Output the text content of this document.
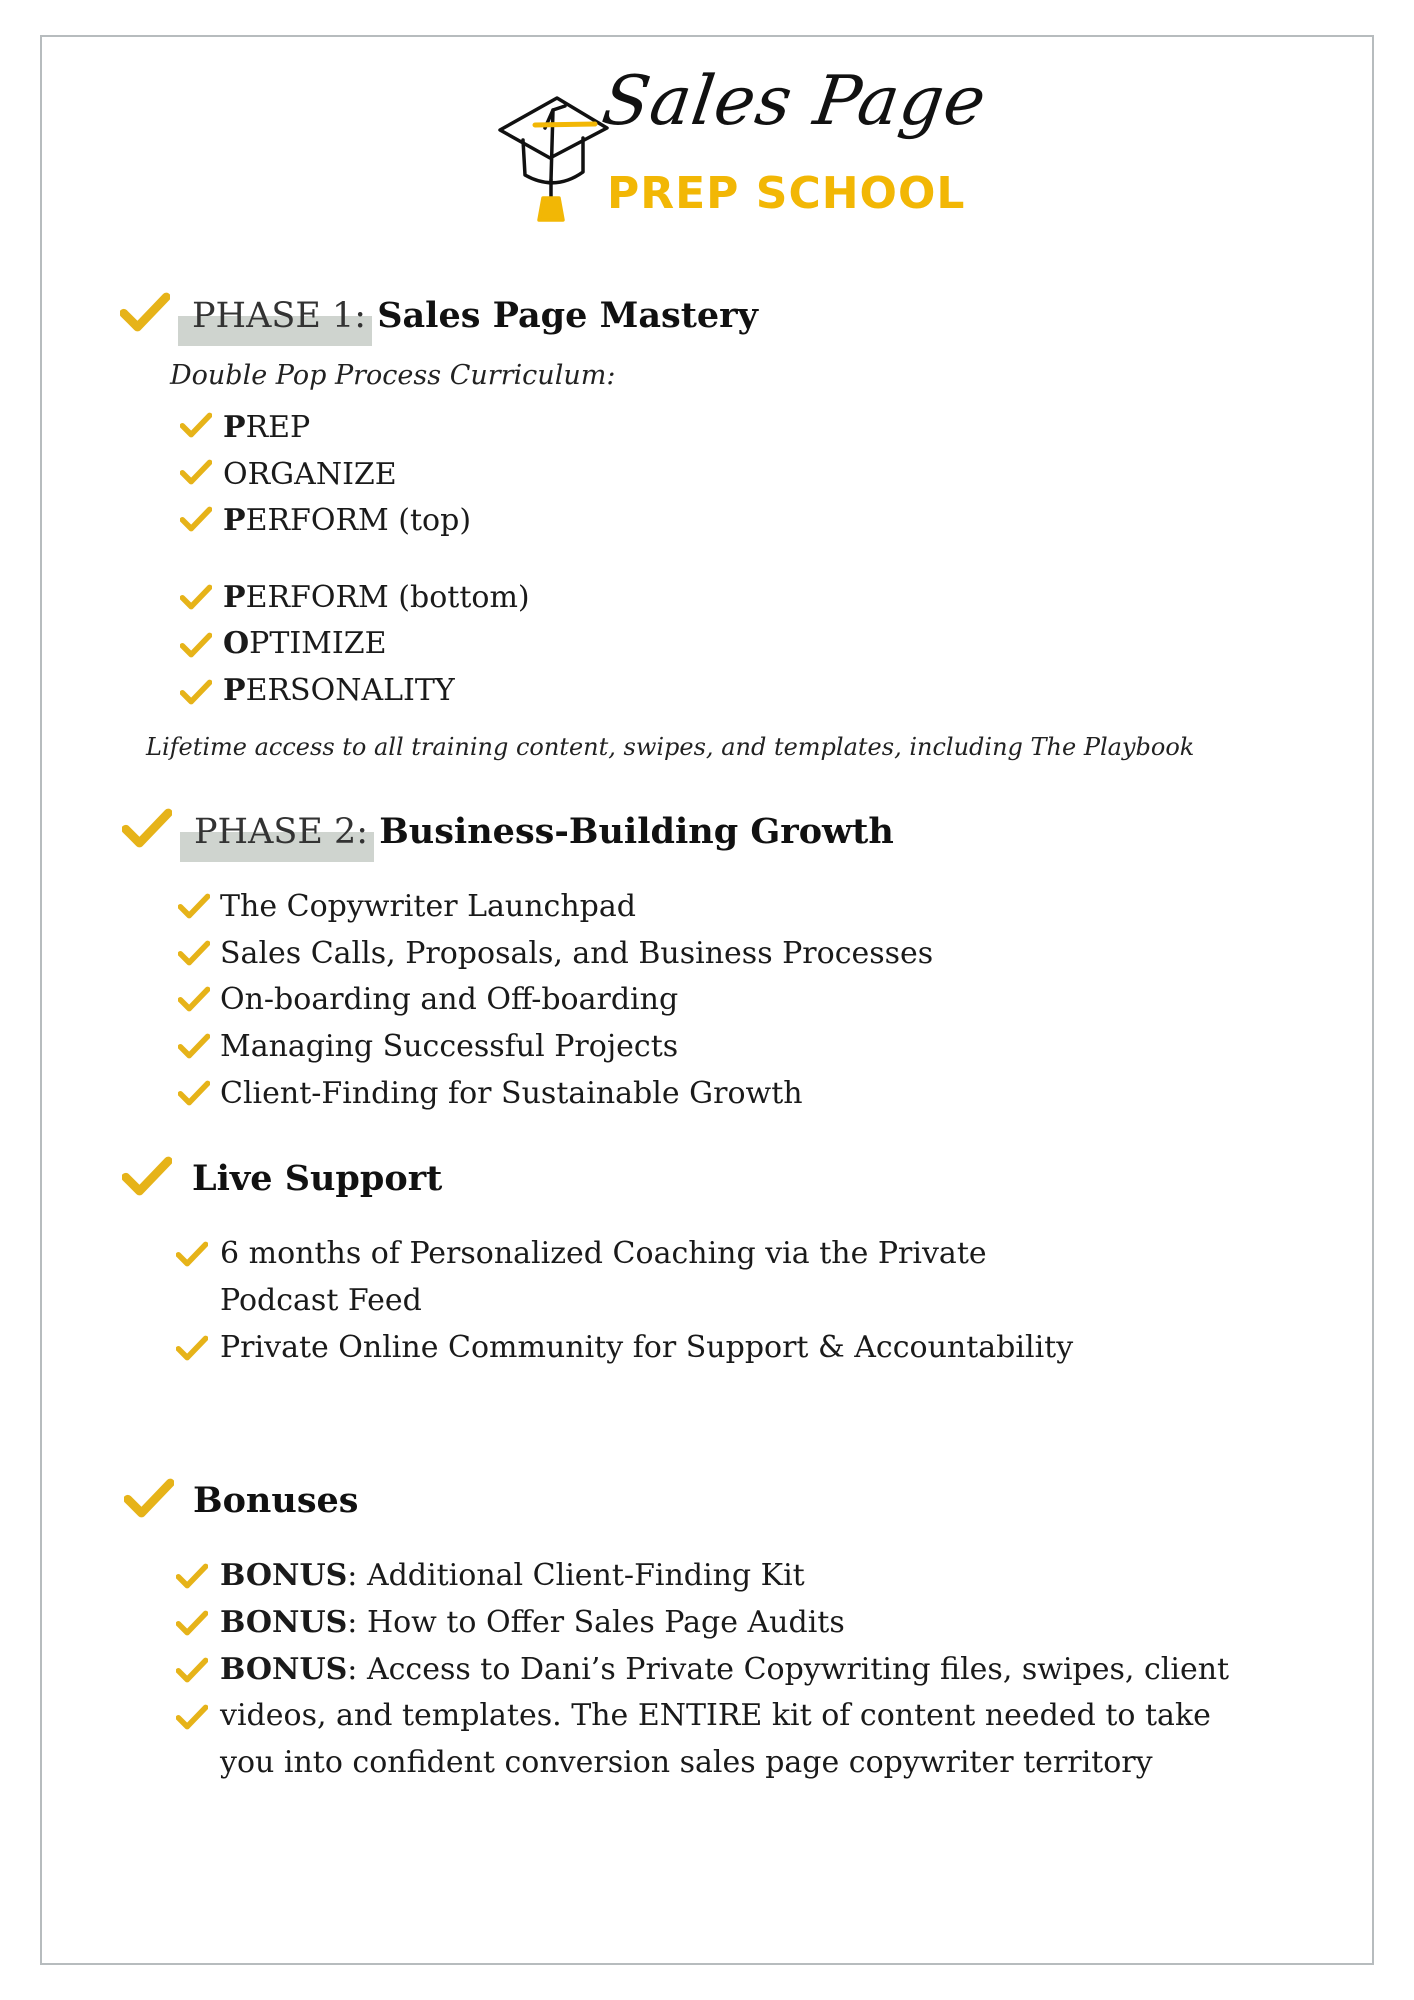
Sales Page
PREP SCHOOL
PHASE 1: Sales Page Mastery
Double Pop Process Curriculum:
PREP
ORGANIZE
PERFORM (top)
PERFORM (bottom)
OPTIMIZE
PERSONALITY
Lifetime access to all training content, swipes, and templates, including The Playbook
PHASE 2: Business-Building Growth
The Copywriter Launchpad
Sales Calls, Proposals, and Business Processes
On-boarding and Off-boarding
Managing Successful Projects
Client-Finding for Sustainable Growth
Live Support
6 months of Personalized Coaching via the Private
Podcast Feed
Private Online Community for Support & Accountability
Bonuses
BONUS: Additional Client-Finding Kit
BONUS: How to Offer Sales Page Audits
BONUS: Access to Dani’s Private Copywriting files, swipes, client
videos, and templates. The ENTIRE kit of content needed to take
you into confident conversion sales page copywriter territory
